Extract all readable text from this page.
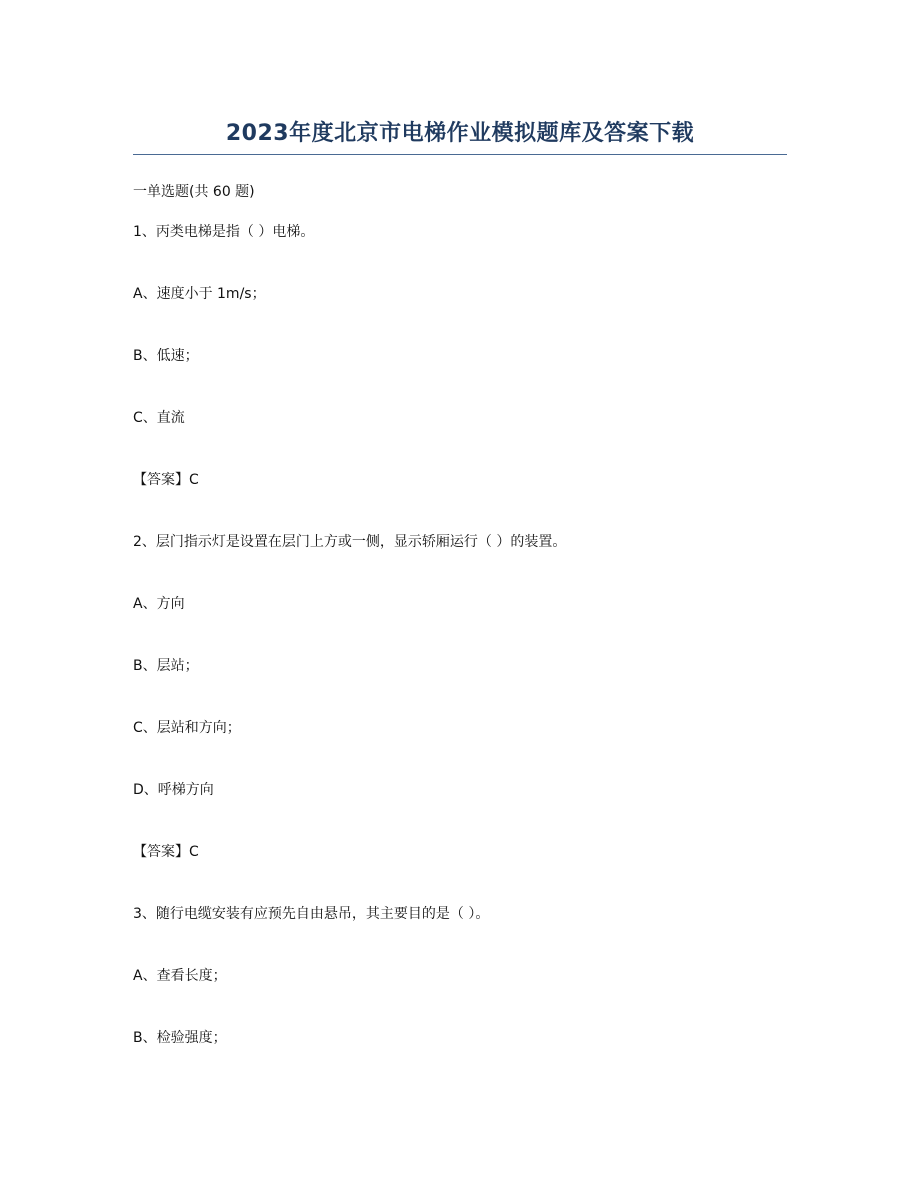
2023年度北京市电梯作业模拟题库及答案下载
一单选题(共 60 题)
1、丙类电梯是指（ ）电梯。
A、速度小于 1m/s；
B、低速；
C、直流
【答案】C
2、层门指示灯是设置在层门上方或一侧，显示轿厢运行（ ）的装置。
A、方向
B、层站；
C、层站和方向；
D、呼梯方向
【答案】C
3、随行电缆安装有应预先自由悬吊，其主要目的是（ ）。
A、查看长度；
B、检验强度；
